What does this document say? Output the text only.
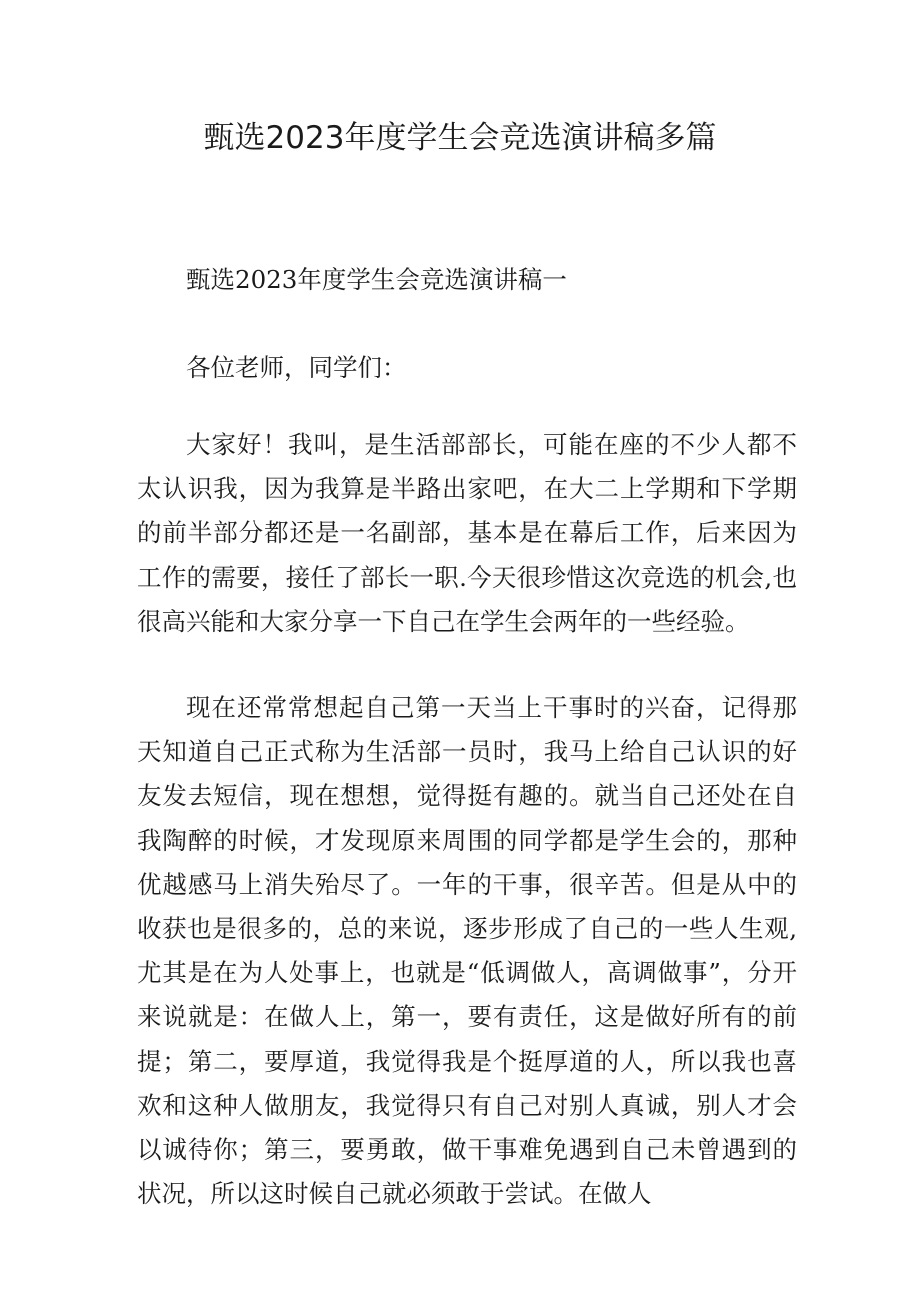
甄选2023年度学生会竞选演讲稿多篇

甄选2023年度学生会竞选演讲稿一

各位老师，同学们：

大家好！我叫，是生活部部长，可能在座的不少人都不太认识我，因为我算是半路出家吧，在大二上学期和下学期的前半部分都还是一名副部，基本是在幕后工作，后来因为工作的需要，接任了部长一职.今天很珍惜这次竞选的机会,也很高兴能和大家分享一下自己在学生会两年的一些经验。

现在还常常想起自己第一天当上干事时的兴奋，记得那天知道自己正式称为生活部一员时，我马上给自己认识的好友发去短信，现在想想，觉得挺有趣的。就当自己还处在自我陶醉的时候，才发现原来周围的同学都是学生会的，那种优越感马上消失殆尽了。一年的干事，很辛苦。但是从中的收获也是很多的，总的来说，逐步形成了自己的一些人生观,尤其是在为人处事上，也就是“低调做人，高调做事”，分开来说就是：在做人上，第一，要有责任，这是做好所有的前提；第二，要厚道，我觉得我是个挺厚道的人，所以我也喜欢和这种人做朋友，我觉得只有自己对别人真诚，别人才会以诚待你；第三，要勇敢，做干事难免遇到自己未曾遇到的状况，所以这时候自己就必须敢于尝试。在做人
